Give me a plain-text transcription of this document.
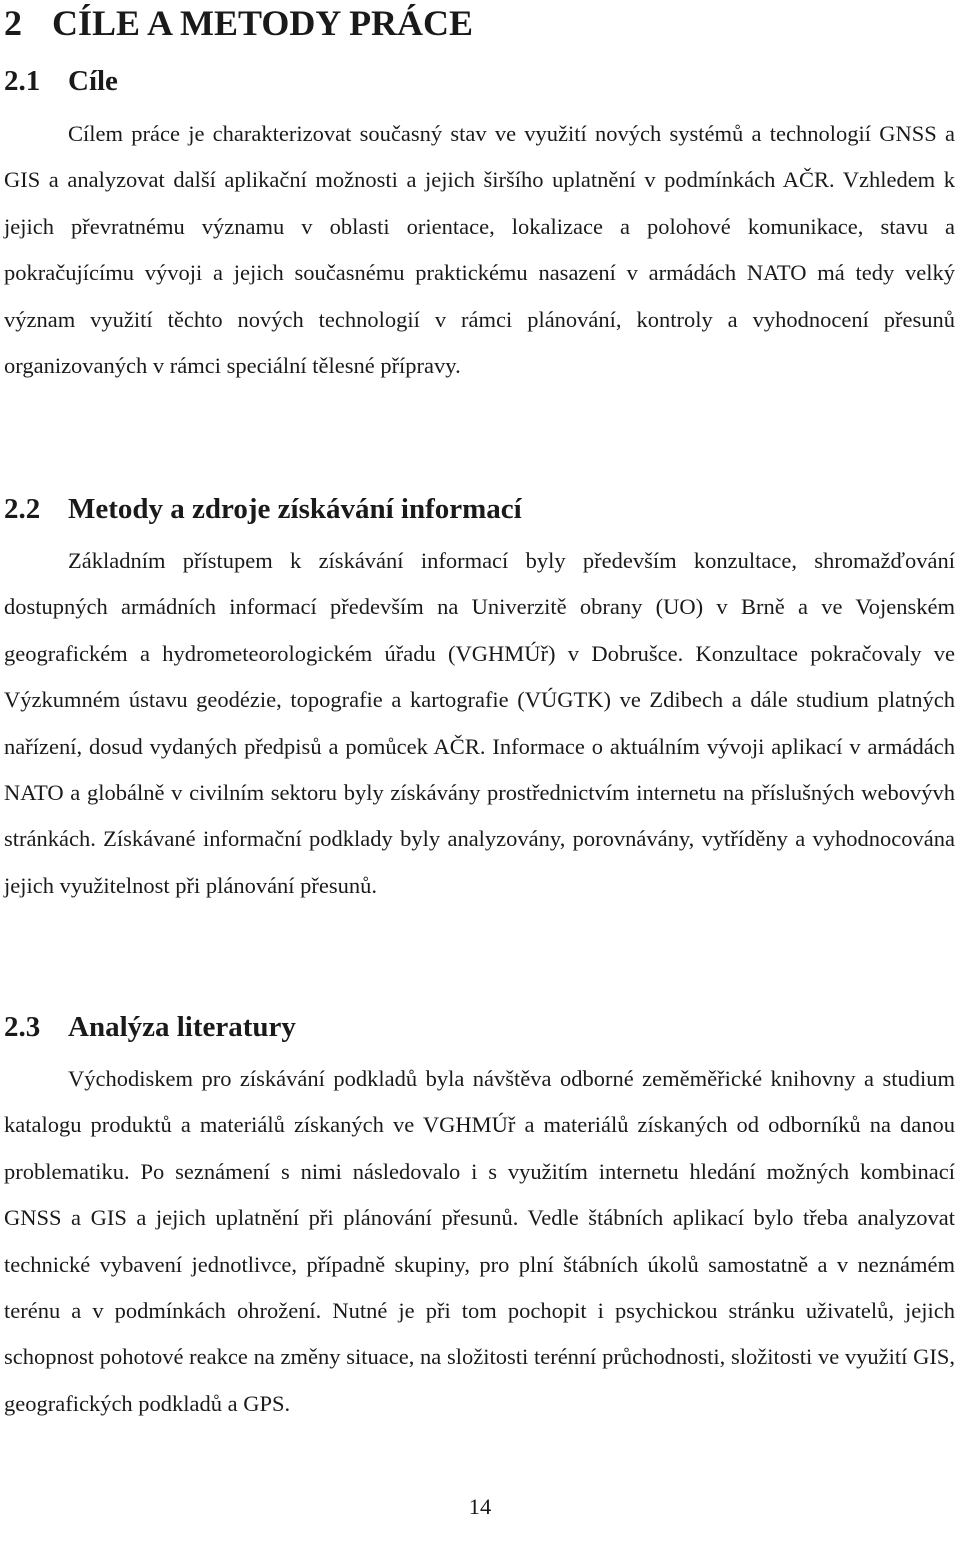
2 CÍLE A METODY PRÁCE
2.1 Cíle

Cílem práce je charakterizovat současný stav ve využití nových systémů a technologií GNSS a GIS a analyzovat další aplikační možnosti a jejich širšího uplatnění v podmínkách AČR. Vzhledem k jejich převratnému významu v oblasti orientace, lokalizace a polohové komunikace, stavu a pokračujícímu vývoji a jejich současnému praktickému nasazení v armádách NATO má tedy velký význam využití těchto nových technologií v rámci plánování, kontroly a vyhodnocení přesunů organizovaných v rámci speciální tělesné přípravy.

2.2 Metody a zdroje získávání informací

Základním přístupem k získávání informací byly především konzultace, shromažďování dostupných armádních informací především na Univerzitě obrany (UO) v Brně a ve Vojenském geografickém a hydrometeorologickém úřadu (VGHMÚř) v Dobrušce. Konzultace pokračovaly ve Výzkumném ústavu geodézie, topografie a kartografie (VÚGTK) ve Zdibech a dále studium platných nařízení, dosud vydaných předpisů a pomůcek AČR. Informace o aktuálním vývoji aplikací v armádách NATO a globálně v civilním sektoru byly získávány prostřednictvím internetu na příslušných webovývh stránkách. Získávané informační podklady byly analyzovány, porovnávány, vytříděny a vyhodnocována jejich využitelnost při plánování přesunů.

2.3 Analýza literatury

Východiskem pro získávání podkladů byla návštěva odborné zeměměřické knihovny a studium katalogu produktů a materiálů získaných ve VGHMÚř a materiálů získaných od odborníků na danou problematiku. Po seznámení s nimi následovalo i s využitím internetu hledání možných kombinací GNSS a GIS a jejich uplatnění při plánování přesunů. Vedle štábních aplikací bylo třeba analyzovat technické vybavení jednotlivce, případně skupiny, pro plní štábních úkolů samostatně a v neznámém terénu a v podmínkách ohrožení. Nutné je při tom pochopit i psychickou stránku uživatelů, jejich schopnost pohotové reakce na změny situace, na složitosti terénní průchodnosti, složitosti ve využití GIS, geografických podkladů a GPS.

14
